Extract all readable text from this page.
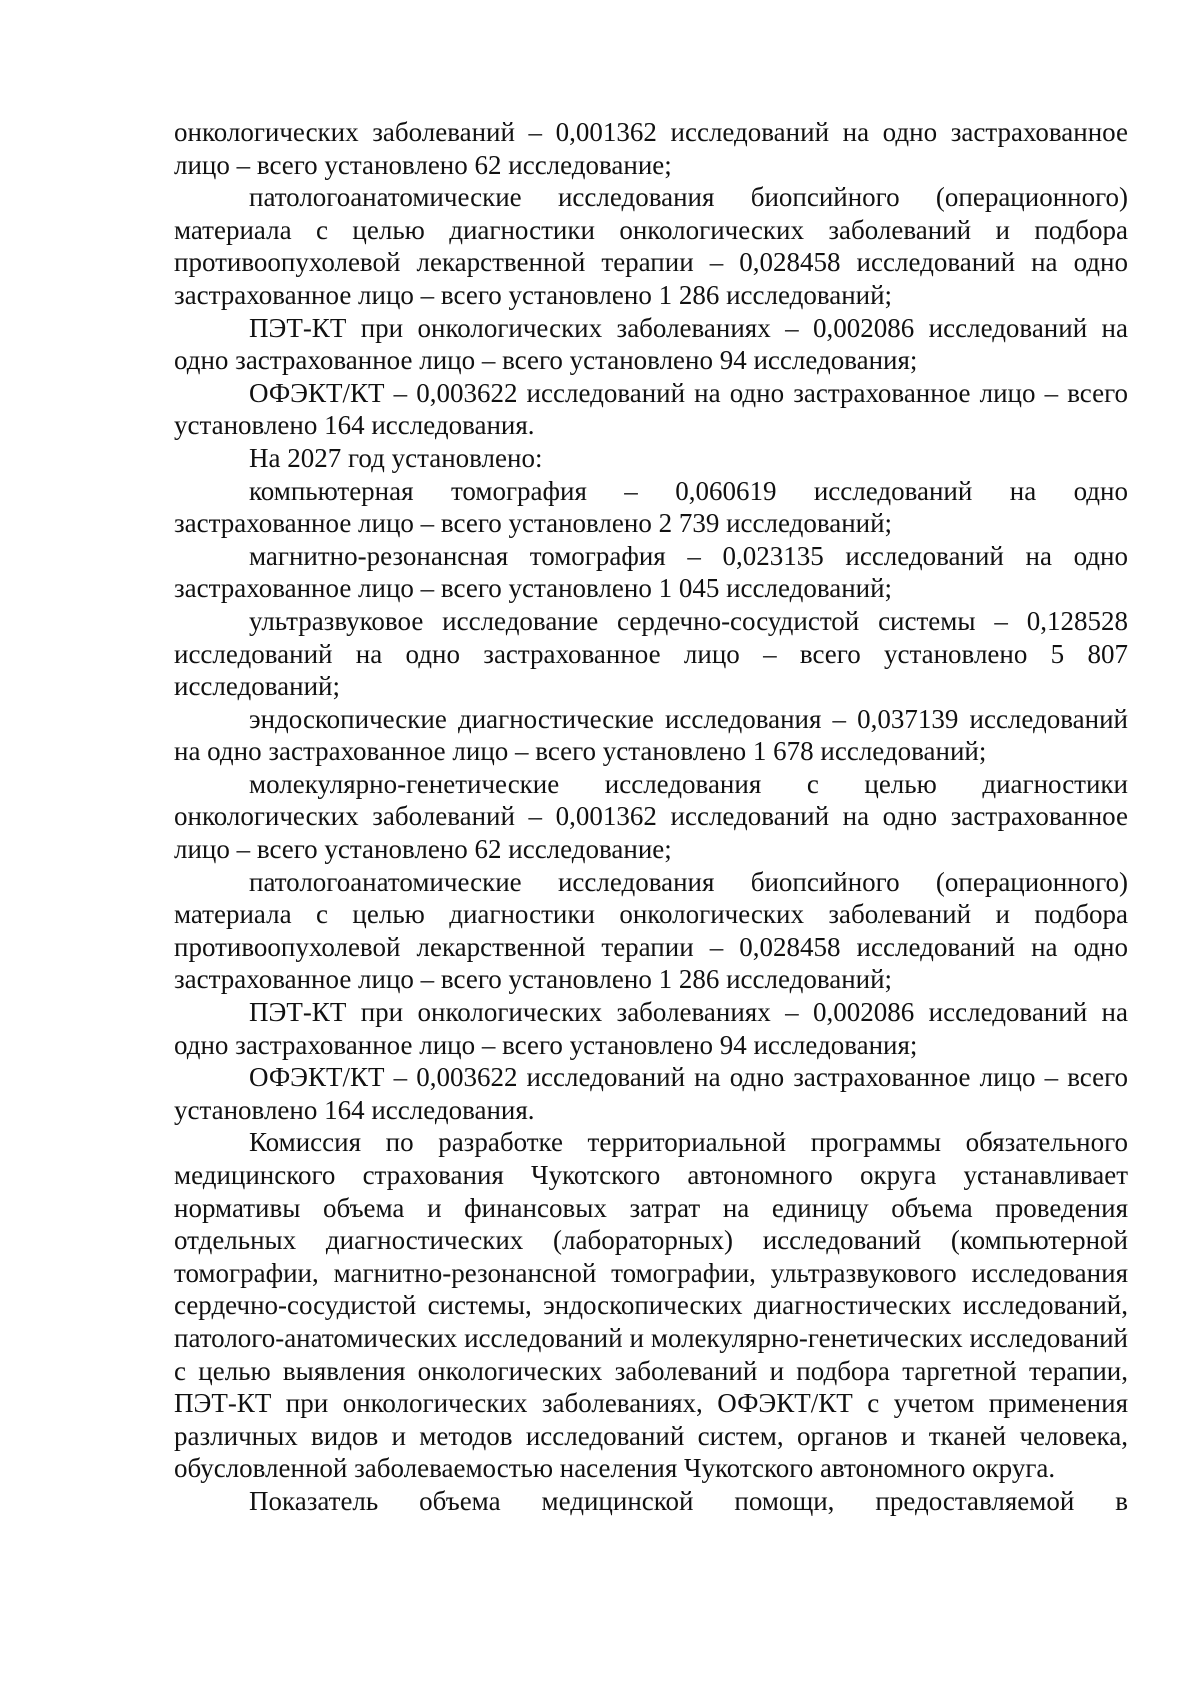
онкологических заболеваний – 0,001362 исследований на одно застрахованное лицо – всего установлено 62 исследование;

патологоанатомические исследования биопсийного (операционного) материала с целью диагностики онкологических заболеваний и подбора противоопухолевой лекарственной терапии – 0,028458 исследований на одно застрахованное лицо – всего установлено 1 286 исследований;

ПЭТ-КТ при онкологических заболеваниях – 0,002086 исследований на одно застрахованное лицо – всего установлено 94 исследования;

ОФЭКТ/КТ – 0,003622 исследований на одно застрахованное лицо – всего установлено 164 исследования.

На 2027 год установлено:

компьютерная томография – 0,060619 исследований на одно застрахованное лицо – всего установлено 2 739 исследований;

магнитно-резонансная томография – 0,023135 исследований на одно застрахованное лицо – всего установлено 1 045 исследований;

ультразвуковое исследование сердечно-сосудистой системы – 0,128528 исследований на одно застрахованное лицо – всего установлено 5 807 исследований;

эндоскопические диагностические исследования – 0,037139 исследований на одно застрахованное лицо – всего установлено 1 678 исследований;

молекулярно-генетические исследования с целью диагностики онкологических заболеваний – 0,001362 исследований на одно застрахованное лицо – всего установлено 62 исследование;

патологоанатомические исследования биопсийного (операционного) материала с целью диагностики онкологических заболеваний и подбора противоопухолевой лекарственной терапии – 0,028458 исследований на одно застрахованное лицо – всего установлено 1 286 исследований;

ПЭТ-КТ при онкологических заболеваниях – 0,002086 исследований на одно застрахованное лицо – всего установлено 94 исследования;

ОФЭКТ/КТ – 0,003622 исследований на одно застрахованное лицо – всего установлено 164 исследования.

Комиссия по разработке территориальной программы обязательного медицинского страхования Чукотского автономного округа устанавливает нормативы объема и финансовых затрат на единицу объема проведения отдельных диагностических (лабораторных) исследований (компьютерной томографии, магнитно-резонансной томографии, ультразвукового исследования сердечно-сосудистой системы, эндоскопических диагностических исследований, патолого-анатомических исследований и молекулярно-генетических исследований с целью выявления онкологических заболеваний и подбора таргетной терапии, ПЭТ-КТ при онкологических заболеваниях, ОФЭКТ/КТ с учетом применения различных видов и методов исследований систем, органов и тканей человека, обусловленной заболеваемостью населения Чукотского автономного округа.

Показатель объема медицинской помощи, предоставляемой в
